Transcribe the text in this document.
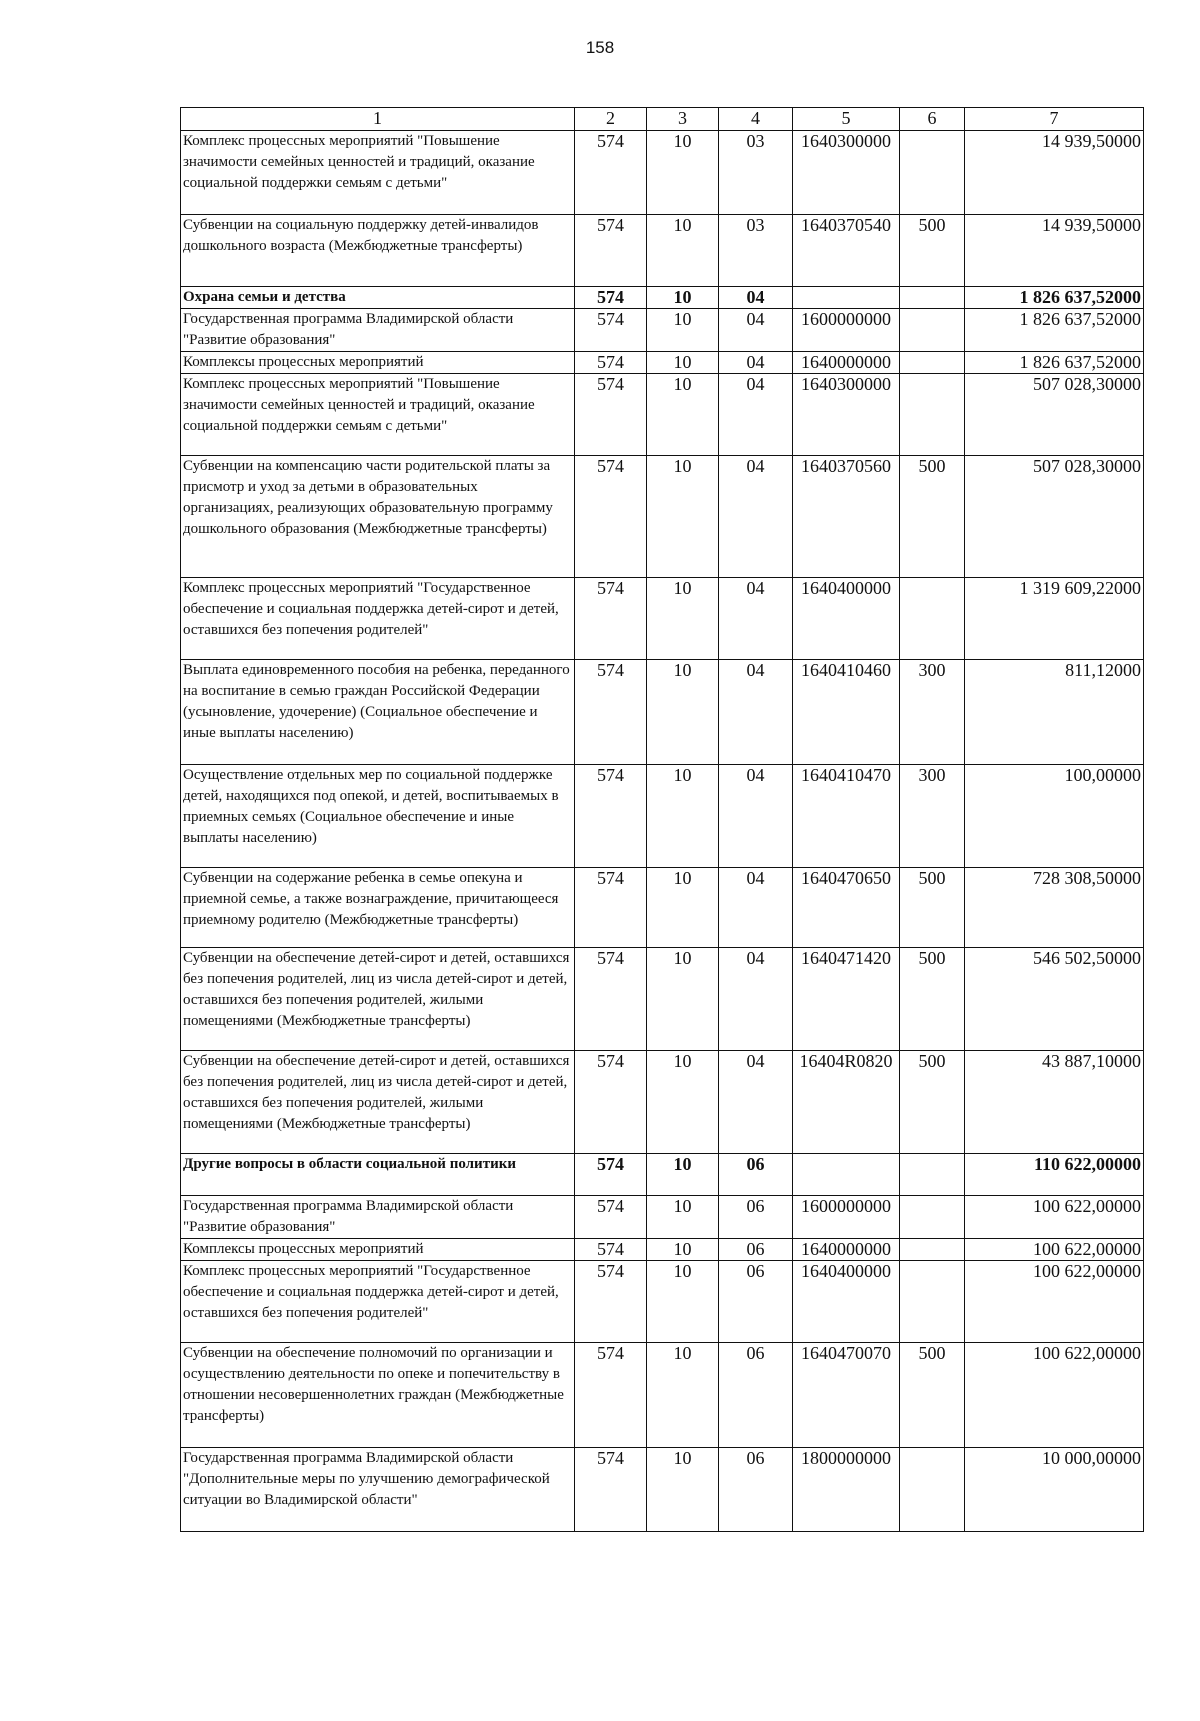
158
1	2	3	4	5	6	7
Комплекс процессных мероприятий "Повышение значимости семейных ценностей и традиций, оказание социальной поддержки семьям с детьми"	574	10	03	1640300000		14 939,50000
Субвенции на социальную поддержку детей-инвалидов дошкольного возраста (Межбюджетные трансферты)	574	10	03	1640370540	500	14 939,50000
Охрана семьи и детства	574	10	04			1 826 637,52000
Государственная программа Владимирской области "Развитие образования"	574	10	04	1600000000		1 826 637,52000
Комплексы процессных мероприятий	574	10	04	1640000000		1 826 637,52000
Комплекс процессных мероприятий "Повышение значимости семейных ценностей и традиций, оказание социальной поддержки семьям с детьми"	574	10	04	1640300000		507 028,30000
Субвенции на компенсацию части родительской платы за присмотр и уход за детьми в образовательных организациях, реализующих образовательную программу дошкольного образования (Межбюджетные трансферты)	574	10	04	1640370560	500	507 028,30000
Комплекс процессных мероприятий "Государственное обеспечение и социальная поддержка детей-сирот и детей, оставшихся без попечения родителей"	574	10	04	1640400000		1 319 609,22000
Выплата единовременного пособия на ребенка, переданного на воспитание в семью граждан Российской Федерации (усыновление, удочерение) (Социальное обеспечение и иные выплаты населению)	574	10	04	1640410460	300	811,12000
Осуществление отдельных мер по социальной поддержке детей, находящихся под опекой, и детей, воспитываемых в приемных семьях (Социальное обеспечение и иные выплаты населению)	574	10	04	1640410470	300	100,00000
Субвенции на содержание ребенка в семье опекуна и приемной семье, а также вознаграждение, причитающееся приемному родителю (Межбюджетные трансферты)	574	10	04	1640470650	500	728 308,50000
Субвенции на обеспечение детей-сирот и детей, оставшихся без попечения родителей, лиц из числа детей-сирот и детей, оставшихся без попечения родителей, жилыми помещениями (Межбюджетные трансферты)	574	10	04	1640471420	500	546 502,50000
Субвенции на обеспечение детей-сирот и детей, оставшихся без попечения родителей, лиц из числа детей-сирот и детей, оставшихся без попечения родителей, жилыми помещениями (Межбюджетные трансферты)	574	10	04	16404R0820	500	43 887,10000
Другие вопросы в области социальной политики	574	10	06			110 622,00000
Государственная программа Владимирской области "Развитие образования"	574	10	06	1600000000		100 622,00000
Комплексы процессных мероприятий	574	10	06	1640000000		100 622,00000
Комплекс процессных мероприятий "Государственное обеспечение и социальная поддержка детей-сирот и детей, оставшихся без попечения родителей"	574	10	06	1640400000		100 622,00000
Субвенции на обеспечение полномочий по организации и осуществлению деятельности по опеке и попечительству в отношении несовершеннолетних граждан (Межбюджетные трансферты)	574	10	06	1640470070	500	100 622,00000
Государственная программа Владимирской области "Дополнительные меры по улучшению демографической ситуации во Владимирской области"	574	10	06	1800000000		10 000,00000
